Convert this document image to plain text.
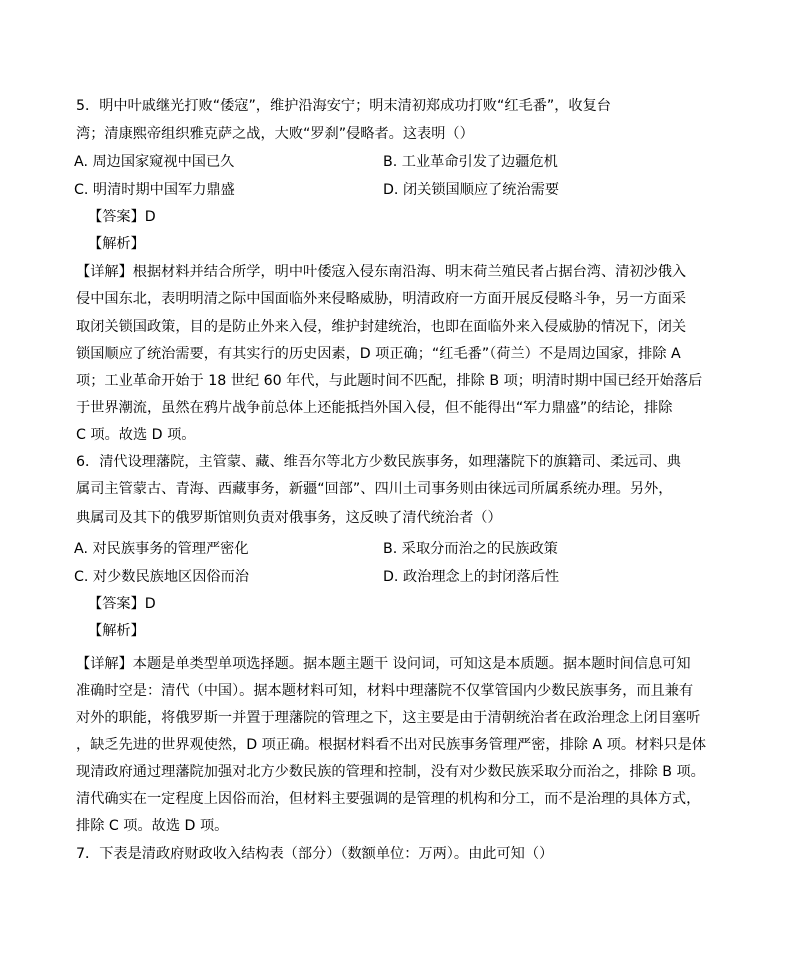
5．明中叶戚继光打败“倭寇”，维护沿海安宁；明末清初郑成功打败“红毛番”，收复台
湾；清康熙帝组织雅克萨之战，大败“罗刹”侵略者。这表明（）
A. 周边国家窥视中国已久	B. 工业革命引发了边疆危机
C. 明清时期中国军力鼎盛	D. 闭关锁国顺应了统治需要
【答案】D
【解析】
【详解】根据材料并结合所学，明中叶倭寇入侵东南沿海、明末荷兰殖民者占据台湾、清初沙俄入
侵中国东北，表明明清之际中国面临外来侵略威胁，明清政府一方面开展反侵略斗争，另一方面采
取闭关锁国政策，目的是防止外来入侵，维护封建统治，也即在面临外来入侵威胁的情况下，闭关
锁国顺应了统治需要，有其实行的历史因素，D 项正确；“红毛番”（荷兰）不是周边国家，排除 A
项；工业革命开始于 18 世纪 60 年代，与此题时间不匹配，排除 B 项；明清时期中国已经开始落后
于世界潮流，虽然在鸦片战争前总体上还能抵挡外国入侵，但不能得出“军力鼎盛”的结论，排除
C 项。故选 D 项。
6．清代设理藩院，主管蒙、藏、维吾尔等北方少数民族事务，如理藩院下的旗籍司、柔远司、典
属司主管蒙古、青海、西藏事务，新疆“回部”、四川土司事务则由徕远司所属系统办理。另外，
典属司及其下的俄罗斯馆则负责对俄事务，这反映了清代统治者（）
A. 对民族事务的管理严密化	B. 采取分而治之的民族政策
C. 对少数民族地区因俗而治	D. 政治理念上的封闭落后性
【答案】D
【解析】
【详解】本题是单类型单项选择题。据本题主题干 设问词，可知这是本质题。据本题时间信息可知
准确时空是：清代（中国）。据本题材料可知，材料中理藩院不仅掌管国内少数民族事务，而且兼有
对外的职能，将俄罗斯一并置于理藩院的管理之下，这主要是由于清朝统治者在政治理念上闭目塞听
，缺乏先进的世界观使然，D 项正确。根据材料看不出对民族事务管理严密，排除 A 项。材料只是体
现清政府通过理藩院加强对北方少数民族的管理和控制，没有对少数民族采取分而治之，排除 B 项。
清代确实在一定程度上因俗而治，但材料主要强调的是管理的机构和分工，而不是治理的具体方式，
排除 C 项。故选 D 项。
7．下表是清政府财政收入结构表（部分）（数额单位：万两）。由此可知（）
